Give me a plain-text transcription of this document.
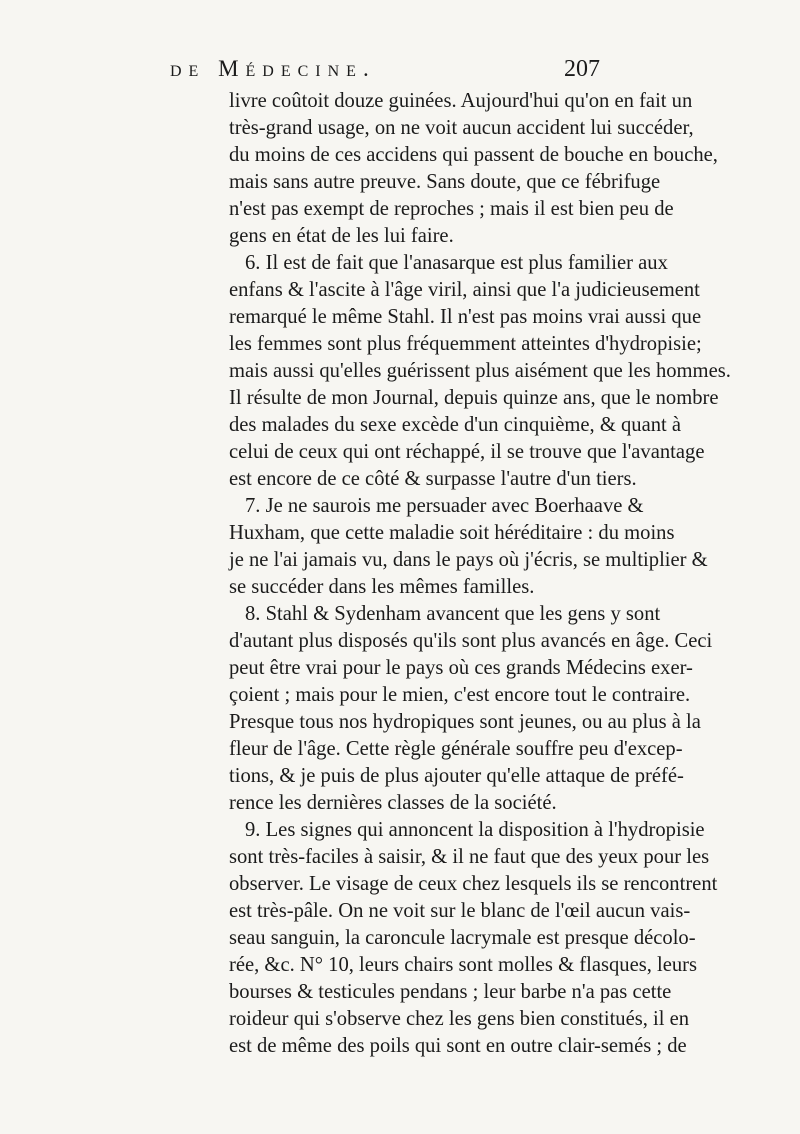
de Médecine.	207
livre coûtoit douze guinées. Aujourd'hui qu'on en fait un
très-grand usage, on ne voit aucun accident lui succéder,
du moins de ces accidens qui passent de bouche en bouche,
mais sans autre preuve. Sans doute, que ce fébrifuge
n'est pas exempt de reproches ; mais il est bien peu de
gens en état de les lui faire.
6. Il est de fait que l'anasarque est plus familier aux
enfans & l'ascite à l'âge viril, ainsi que l'a judicieusement
remarqué le même Stahl. Il n'est pas moins vrai aussi que
les femmes sont plus fréquemment atteintes d'hydropisie;
mais aussi qu'elles guérissent plus aisément que les hommes.
Il résulte de mon Journal, depuis quinze ans, que le nombre
des malades du sexe excède d'un cinquième, & quant à
celui de ceux qui ont réchappé, il se trouve que l'avantage
est encore de ce côté & surpasse l'autre d'un tiers.
7. Je ne saurois me persuader avec Boerhaave &
Huxham, que cette maladie soit héréditaire : du moins
je ne l'ai jamais vu, dans le pays où j'écris, se multiplier &
se succéder dans les mêmes familles.
8. Stahl & Sydenham avancent que les gens y sont
d'autant plus disposés qu'ils sont plus avancés en âge. Ceci
peut être vrai pour le pays où ces grands Médecins exer-
çoient ; mais pour le mien, c'est encore tout le contraire.
Presque tous nos hydropiques sont jeunes, ou au plus à la
fleur de l'âge. Cette règle générale souffre peu d'excep-
tions, & je puis de plus ajouter qu'elle attaque de préfé-
rence les dernières classes de la société.
9. Les signes qui annoncent la disposition à l'hydropisie
sont très-faciles à saisir, & il ne faut que des yeux pour les
observer. Le visage de ceux chez lesquels ils se rencontrent
est très-pâle. On ne voit sur le blanc de l'œil aucun vais-
seau sanguin, la caroncule lacrymale est presque décolo-
rée, &c. N° 10, leurs chairs sont molles & flasques, leurs
bourses & testicules pendans ; leur barbe n'a pas cette
roideur qui s'observe chez les gens bien constitués, il en
est de même des poils qui sont en outre clair-semés ; de
